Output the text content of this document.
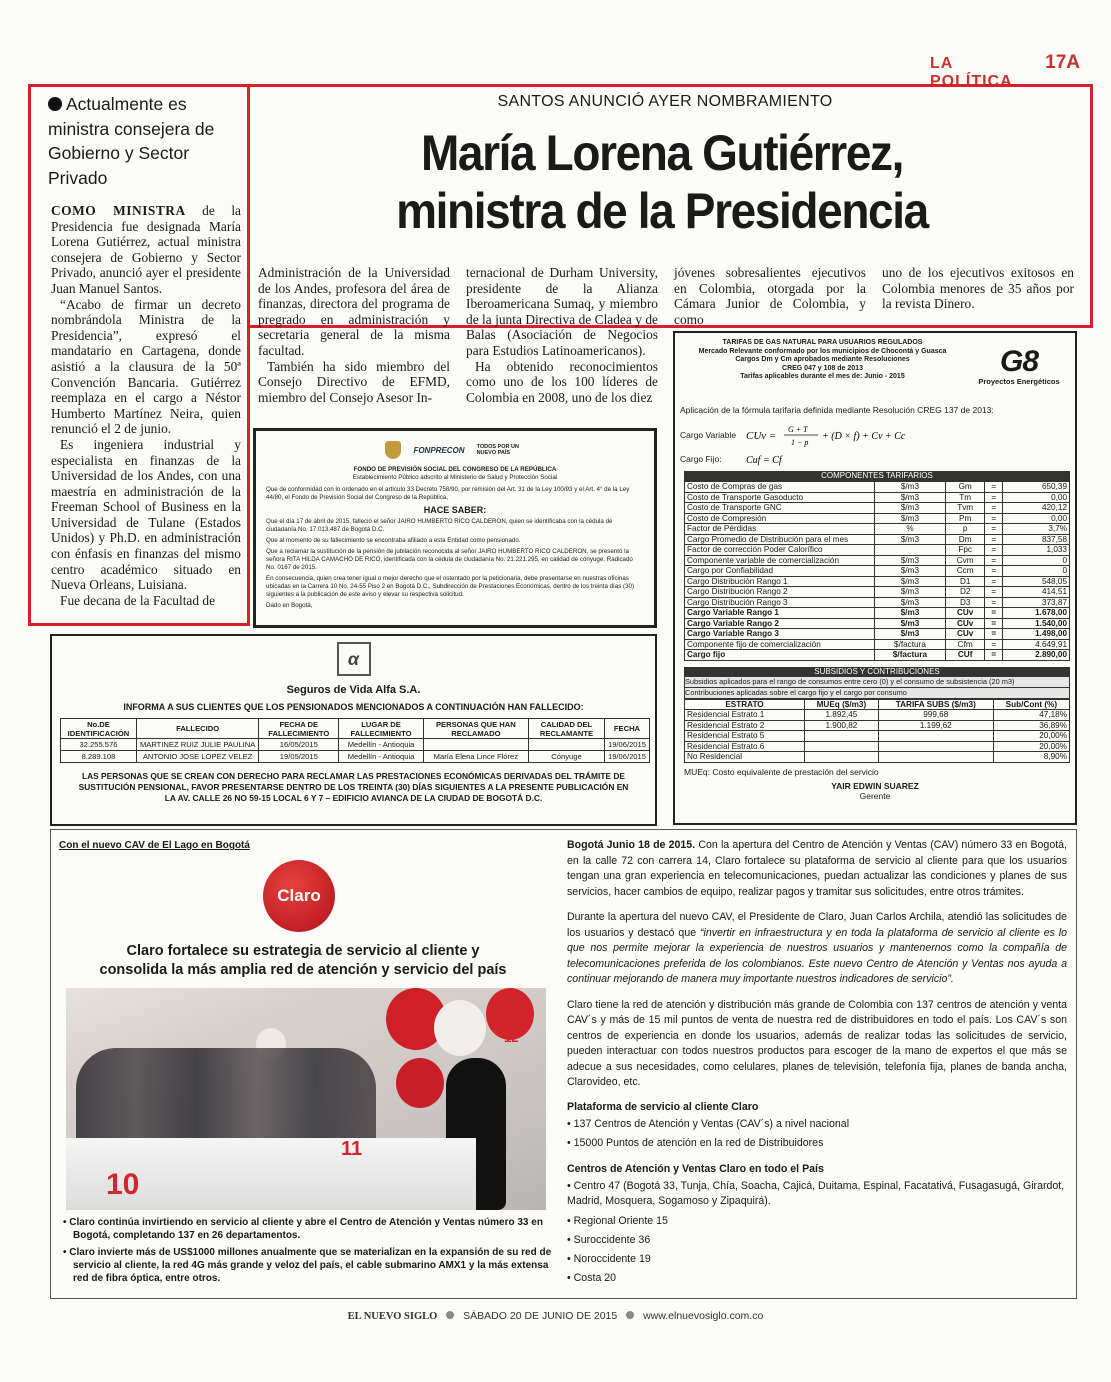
LA POLÍTICA
17A
Actualmente es ministra consejera de Gobierno y Sector Privado
SANTOS ANUNCIÓ AYER NOMBRAMIENTO
María Lorena Gutiérrez,
ministra de la Presidencia

COMO MINISTRA de la Presidencia fue designada María Lorena Gutiérrez, actual ministra consejera de Gobierno y Sector Privado, anunció ayer el presidente Juan Manuel Santos.

“Acabo de firmar un decreto nombrándola Ministra de la Presidencia”, expresó el mandatario en Cartagena, donde asistió a la clausura de la 50ª Convención Bancaria. Gutiérrez reemplaza en el cargo a Néstor Humberto Martínez Neira, quien renunció el 2 de junio.

Es ingeniera industrial y especialista en finanzas de la Universidad de los Andes, con una maestría en administración de la Freeman School of Business en la Universidad de Tulane (Estados Unidos) y Ph.D. en administración con énfasis en finanzas del mismo centro académico situado en Nueva Orleans, Luisiana.

Fue decana de la Facultad de

Administración de la Universidad de los Andes, profesora del área de finanzas, directora del programa de pregrado en administración y secretaria general de la misma facultad.

También ha sido miembro del Consejo Directivo de EFMD, miembro del Consejo Asesor In-

ternacional de Durham University, presidente de la Alianza Iberoamericana Sumaq, y miembro de la junta Directiva de Cladea y de Balas (Asociación de Negocios para Estudios Latinoamericanos).

Ha obtenido reconocimientos como uno de los 100 líderes de Colombia en 2008, uno de los diez

jóvenes sobresalientes ejecutivos en Colombia, otorgada por la Cámara Junior de Colombia, y como

uno de los ejecutivos exitosos en Colombia menores de 35 años por la revista Dinero.

FONPRECON TODOS POR UN NUEVO PAÍS
FONDO DE PREVISIÓN SOCIAL DEL CONGRESO DE LA REPÚBLICA
Establecimiento Público adscrito al Ministerio de Salud y Protección Social
Que de conformidad con lo ordenado en el artículo 33 Decreto 758/90, por remisión del Art. 31 de la Ley 100/93 y el Art. 4° de la Ley 44/80, el Fondo de Previsión Social del Congreso de la República,
HACE SABER:
Que el día 17 de abril de 2015, falleció el señor JAIRO HUMBERTO RICO CALDERON, quien se identificaba con la cédula de ciudadanía No. 17.013.487 de Bogotá D.C.
Que al momento de su fallecimiento se encontraba afiliado a esta Entidad como pensionado.
Que a reclamar la sustitución de la pensión de jubilación reconocida al señor JAIRO HUMBERTO RICO CALDERON, se presentó la señora RITA HILDA CAMACHO DE RICO, identificada con la cédula de ciudadanía No. 21.221.295, en calidad de cónyuge. Radicado No. 0167 de 2015.
En consecuencia, quien crea tener igual o mejor derecho que el ostentado por la peticionaria, debe presentarse en nuestras oficinas ubicadas en la Carrera 10 No. 24-55 Piso 2 en Bogotá D.C., Subdirección de Prestaciones Económicas, dentro de los treinta días (30) siguientes a la publicación de este aviso y elevar su respectiva solicitud.
Dado en Bogotá,
TARIFAS DE GAS NATURAL PARA USUARIOS REGULADOS
Mercado Relevante conformado por los municipios de Chocontá y Guasca
Cargos Dm y Cm aprobados mediante Resoluciones
CREG 047 y 108 de 2013
Tarifas aplicables durante el mes de: Junio - 2015	G8
Proyectos Energéticos
Aplicación de la fórmula tarifaria definida mediante Resolución CREG 137 de 2013:
Cargo Variable CUv =
G + T
1 − p
+ (D × f) + Cv + Cc
Cargo Fijo:	Cuf = Cf
COMPONENTES TARIFARIOS
Costo de Compras de gas	$/m3	Gm	=	650,39
Costo de Transporte Gasoducto	$/m3	Tm	=	0,00
Costo de Transporte GNC	$/m3	Tvm	=	420,12
Costo de Compresión	$/m3	Pm	=	0,00
Factor de Pérdidas	%	p	=	3,7%
Cargo Promedio de Distribución para el mes	$/m3	Dm	=	837,58
Factor de corrección Poder Calorífico		Fpc	=	1,033
Componente variable de comercialización	$/m3	Cvm	=	0
Cargo por Confiabilidad	$/m3	Ccm	=	0
Cargo Distribución Rango 1	$/m3	D1	=	548,05
Cargo Distribución Rango 2	$/m3	D2	=	414,51
Cargo Distribución Rango 3	$/m3	D3	=	373,87
Cargo Variable Rango 1	$/m3	CUv	=	1.678,00
Cargo Variable Rango 2	$/m3	CUv	=	1.540,00
Cargo Variable Rango 3	$/m3	CUv	=	1.498,00
Componente fijo de comercialización	$/factura	Cfm	=	4.649,91
Cargo fijo	$/factura	CUf	=	2.890,00
SUBSIDIOS Y CONTRIBUCIONES
Subsidios aplicados para el rango de consumos entre cero (0) y el consumo de subsistencia (20 m3)
Contribuciones aplicadas sobre el cargo fijo y el cargo por consumo
ESTRATO	MUEq ($/m3)	TARIFA SUBS ($/m3)	Sub/Cont (%)
Residencial Estrato 1	1.892,45	999,68	47,18%
Residencial Estrato 2	1.900,82	1.199,62	36,89%
Residencial Estrato 5			20,00%
Residencial Estrato 6			20,00%
No Residencial			8,90%
MUEq: Costo equivalente de prestación del servicio
YAIR EDWIN SUAREZ
Gerente
α
Seguros de Vida Alfa S.A.
INFORMA A SUS CLIENTES QUE LOS PENSIONADOS MENCIONADOS A CONTINUACIÓN HAN FALLECIDO:
No.DE IDENTIFICACIÓN	FALLECIDO	FECHA DE FALLECIMIENTO	LUGAR DE FALLECIMIENTO	PERSONAS QUE HAN RECLAMADO	CALIDAD DEL RECLAMANTE	FECHA
32.255.576	MARTINEZ RUIZ JULIE PAULINA	16/05/2015	Medellín - Antioquia			19/06/2015
8.289.108	ANTONIO JOSE LOPEZ VELEZ	19/05/2015	Medellín - Antioquia	María Elena Lince Flórez	Cónyuge	19/06/2015
LAS PERSONAS QUE SE CREAN CON DERECHO PARA RECLAMAR LAS PRESTACIONES ECONÓMICAS DERIVADAS DEL TRÁMITE DE SUSTITUCIÓN PENSIONAL, FAVOR PRESENTARSE DENTRO DE LOS TREINTA (30) DÍAS SIGUIENTES A LA PRESENTE PUBLICACIÓN EN LA AV. CALLE 26 NO 59-15 LOCAL 6 Y 7 – EDIFICIO AVIANCA DE LA CIUDAD DE BOGOTÁ D.C.
Con el nuevo CAV de El Lago en Bogotá
Claro
Claro fortalece su estrategia de servicio al cliente y consolida la más amplia red de atención y servicio del país
10
11
12
• Claro continúa invirtiendo en servicio al cliente y abre el Centro de Atención y Ventas número 33 en Bogotá, completando 137 en 26 departamentos.
• Claro invierte más de US$1000 millones anualmente que se materializan en la expansión de su red de servicio al cliente, la red 4G más grande y veloz del país, el cable submarino AMX1 y la más extensa red de fibra óptica, entre otros.

Bogotá Junio 18 de 2015. Con la apertura del Centro de Atención y Ventas (CAV) número 33 en Bogotá, en la calle 72 con carrera 14, Claro fortalece su plataforma de servicio al cliente para que los usuarios tengan una gran experiencia en telecomunicaciones, puedan actualizar las condiciones y planes de sus servicios, hacer cambios de equipo, realizar pagos y tramitar sus solicitudes, entre otros trámites.

Durante la apertura del nuevo CAV, el Presidente de Claro, Juan Carlos Archila, atendió las solicitudes de los usuarios y destacó que “invertir en infraestructura y en toda la plataforma de servicio al cliente es lo que nos permite mejorar la experiencia de nuestros usuarios y mantenernos como la compañía de telecomunicaciones preferida de los colombianos. Este nuevo Centro de Atención y Ventas nos ayuda a continuar mejorando de manera muy importante nuestros indicadores de servicio”.

Claro tiene la red de atención y distribución más grande de Colombia con 137 centros de atención y venta CAV´s y más de 15 mil puntos de venta de nuestra red de distribuidores en todo el país. Los CAV´s son centros de experiencia en donde los usuarios, además de realizar todas las solicitudes de servicio, pueden interactuar con todos nuestros productos para escoger de la mano de expertos el que más se adecue a sus necesidades, como celulares, planes de televisión, telefonía fija, planes de banda ancha, Clarovideo, etc.

Plataforma de servicio al cliente Claro
• 137 Centros de Atención y Ventas (CAV´s) a nivel nacional
• 15000 Puntos de atención en la red de Distribuidores
Centros de Atención y Ventas Claro en todo el País
• Centro 47 (Bogotá 33, Tunja, Chía, Soacha, Cajicá, Duitama, Espinal, Facatativá, Fusagasugá, Girardot, Madrid, Mosquera, Sogamoso y Zipaquirá).
• Regional Oriente 15
• Suroccidente 36
• Noroccidente 19
• Costa 20
EL NUEVO SIGLO SÁBADO 20 DE JUNIO DE 2015 www.elnuevosiglo.com.co
